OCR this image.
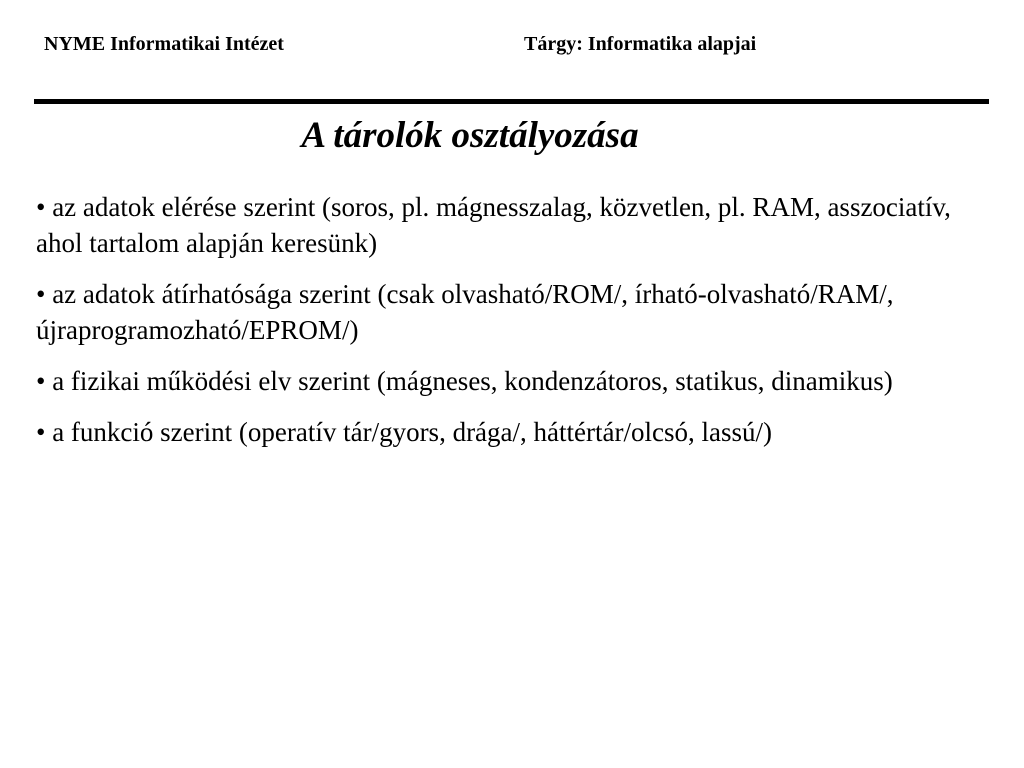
NYME Informatikai Intézet	Tárgy: Informatika alapjai
A tárolók osztályozása
• az adatok elérése szerint (soros, pl. mágnesszalag, közvetlen, pl. RAM, asszociatív, ahol tartalom alapján keresünk)
• az adatok átírhatósága szerint (csak olvasható/ROM/, írható-olvasható/RAM/, újraprogramozható/EPROM/)
• a fizikai működési elv szerint (mágneses, kondenzátoros, statikus, dinamikus)
• a funkció szerint (operatív tár/gyors, drága/, háttértár/olcsó, lassú/)
